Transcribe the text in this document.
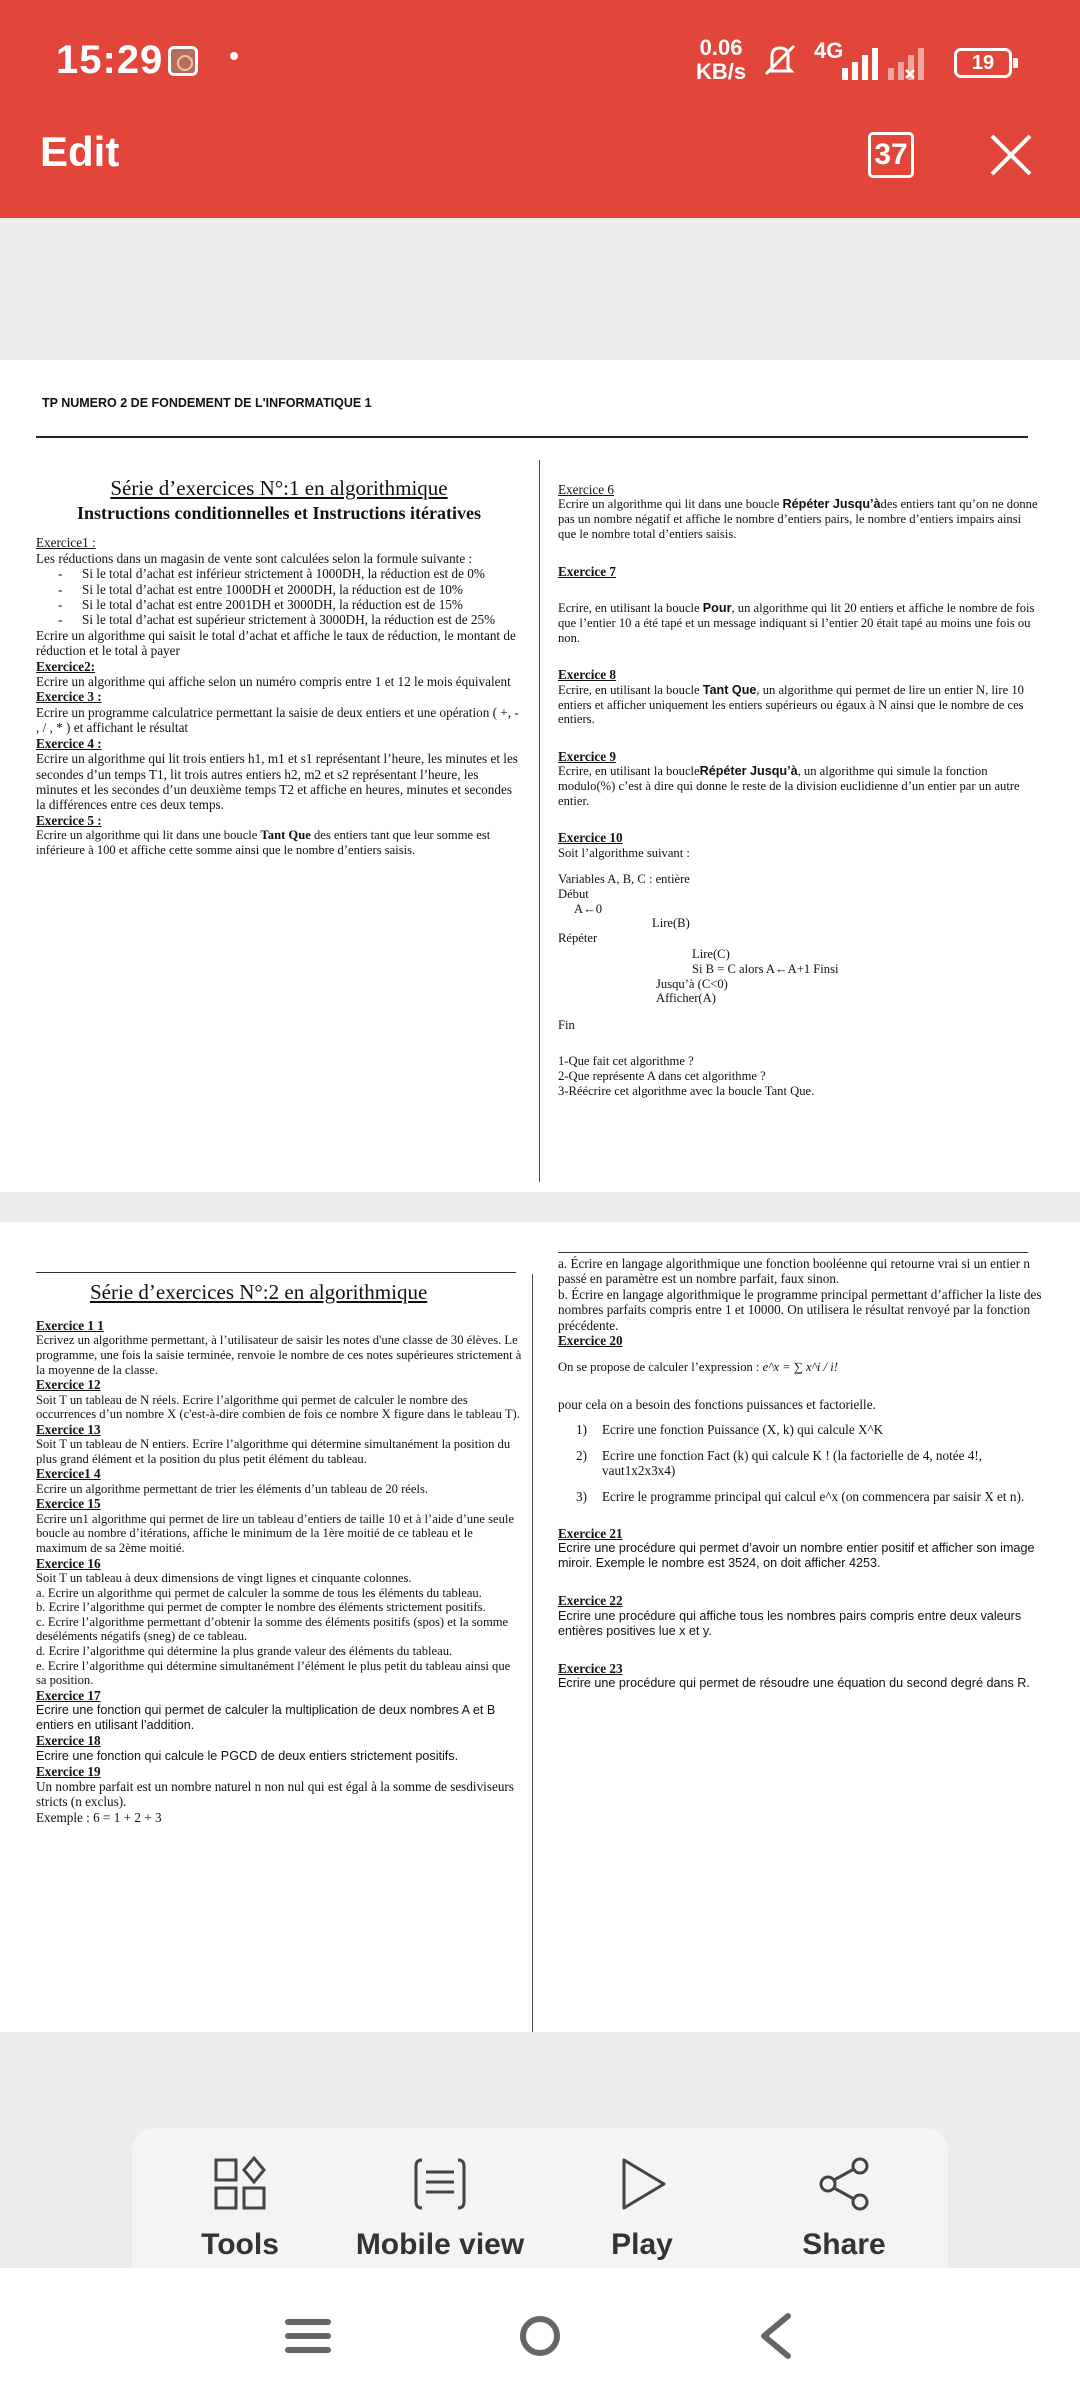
15:29	0.06
KB/s
4G	19
Edit	37
TP NUMERO 2 DE FONDEMENT DE L'INFORMATIQUE 1
Série d’exercices N°:1 en algorithmique
Instructions conditionnelles et Instructions itératives

Exercice1 :

Les réductions dans un magasin de vente sont calculées selon la formule suivante :

- Si le total d’achat est inférieur strictement à 1000DH, la réduction est de 0%
- Si le total d’achat est entre 1000DH et 2000DH, la réduction est de 10%
- Si le total d’achat est entre 2001DH et 3000DH, la réduction est de 15%
- Si le total d’achat est supérieur strictement à 3000DH, la réduction est de 25%

Ecrire un algorithme qui saisit le total d’achat et affiche le taux de réduction, le montant de réduction et le total à payer

Exercice2:

Ecrire un algorithme qui affiche selon un numéro compris entre 1 et 12 le mois équivalent

Exercice 3 :

Ecrire un programme calculatrice permettant la saisie de deux entiers et une opération ( +, - , / , * ) et affichant le résultat

Exercice 4 :

Ecrire un algorithme qui lit trois entiers h1, m1 et s1 représentant l’heure, les minutes et les secondes d’un temps T1, lit trois autres entiers h2, m2 et s2 représentant l’heure, les minutes et les secondes d’un deuxième temps T2 et affiche en heures, minutes et secondes la différences entre ces deux temps.

Exercice 5 :

Ecrire un algorithme qui lit dans une boucle Tant Que des entiers tant que leur somme est inférieure à 100 et affiche cette somme ainsi que le nombre d’entiers saisis.

Exercice 6

Ecrire un algorithme qui lit dans une boucle Répéter Jusqu’àdes entiers tant qu’on ne donne pas un nombre négatif et affiche le nombre d’entiers pairs, le nombre d’entiers impairs ainsi que le nombre total d’entiers saisis.

Exercice 7

Ecrire, en utilisant la boucle Pour, un algorithme qui lit 20 entiers et affiche le nombre de fois que l’entier 10 a été tapé et un message indiquant si l’entier 20 était tapé au moins une fois ou non.

Exercice 8

Ecrire, en utilisant la boucle Tant Que, un algorithme qui permet de lire un entier N, lire 10 entiers et afficher uniquement les entiers supérieurs ou égaux à N ainsi que le nombre de ces entiers.

Exercice 9

Ecrire, en utilisant la boucleRépéter Jusqu’à, un algorithme qui simule la fonction modulo(%) c’est à dire qui donne le reste de la division euclidienne d’un entier par un autre entier.

Exercice 10

Soit l’algorithme suivant :

Variables A, B, C : entière

Début

A←0

Lire(B)

Répéter

Lire(C)

Si B = C alors A←A+1 Finsi

Jusqu’à (C<0)

Afficher(A)

Fin

1-Que fait cet algorithme ?

2-Que représente A dans cet algorithme ?

3-Réécrire cet algorithme avec la boucle Tant Que.

Série d’exercices N°:2 en algorithmique

Exercice 1 1

Ecrivez un algorithme permettant, à l’utilisateur de saisir les notes d'une classe de 30 élèves. Le programme, une fois la saisie terminée, renvoie le nombre de ces notes supérieures strictement à la moyenne de la classe.

Exercice 12

Soit T un tableau de N réels. Ecrire l’algorithme qui permet de calculer le nombre des occurrences d’un nombre X (c'est-à-dire combien de fois ce nombre X figure dans le tableau T).

Exercice 13

Soit T un tableau de N entiers. Ecrire l’algorithme qui détermine simultanément la position du plus grand élément et la position du plus petit élément du tableau.

Exercice1 4

Ecrire un algorithme permettant de trier les éléments d’un tableau de 20 réels.

Exercice 15

Ecrire un1 algorithme qui permet de lire un tableau d’entiers de taille 10 et à l’aide d’une seule boucle au nombre d’itérations, affiche le minimum de la 1ère moitié de ce tableau et le maximum de sa 2ème moitié.

Exercice 16

Soit T un tableau à deux dimensions de vingt lignes et cinquante colonnes.

a. Ecrire un algorithme qui permet de calculer la somme de tous les éléments du tableau.

b. Ecrire l’algorithme qui permet de compter le nombre des éléments strictement positifs.

c. Ecrire l’algorithme permettant d’obtenir la somme des éléments positifs (spos) et la somme deséléments négatifs (sneg) de ce tableau.

d. Ecrire l’algorithme qui détermine la plus grande valeur des éléments du tableau.

e. Ecrire l’algorithme qui détermine simultanément l’élément le plus petit du tableau ainsi que sa position.

Exercice 17

Ecrire une fonction qui permet de calculer la multiplication de deux nombres A et B entiers en utilisant l’addition.

Exercice 18

Ecrire une fonction qui calcule le PGCD de deux entiers strictement positifs.

Exercice 19

Un nombre parfait est un nombre naturel n non nul qui est égal à la somme de sesdiviseurs stricts (n exclus).

Exemple : 6 = 1 + 2 + 3

a. Écrire en langage algorithmique une fonction booléenne qui retourne vrai si un entier n passé en paramètre est un nombre parfait, faux sinon.

b. Écrire en langage algorithmique le programme principal permettant d’afficher la liste des nombres parfaits compris entre 1 et 10000. On utilisera le résultat renvoyé par la fonction précédente.

Exercice 20

On se propose de calculer l’expression : e^x = ∑ x^i / i!

pour cela on a besoin des fonctions puissances et factorielle.

1) Ecrire une fonction Puissance (X, k) qui calcule X^K
2) Ecrire une fonction Fact (k) qui calcule K ! (la factorielle de 4, notée 4!, vaut1x2x3x4)
3) Ecrire le programme principal qui calcul e^x (on commencera par saisir X et n).

Exercice 21

Ecrire une procédure qui permet d’avoir un nombre entier positif et afficher son image miroir. Exemple le nombre est 3524, on doit afficher 4253.

Exercice 22

Ecrire une procédure qui affiche tous les nombres pairs compris entre deux valeurs entières positives lue x et y.

Exercice 23

Ecrire une procédure qui permet de résoudre une équation du second degré dans R.

Tools	Mobile view	Play	Share
